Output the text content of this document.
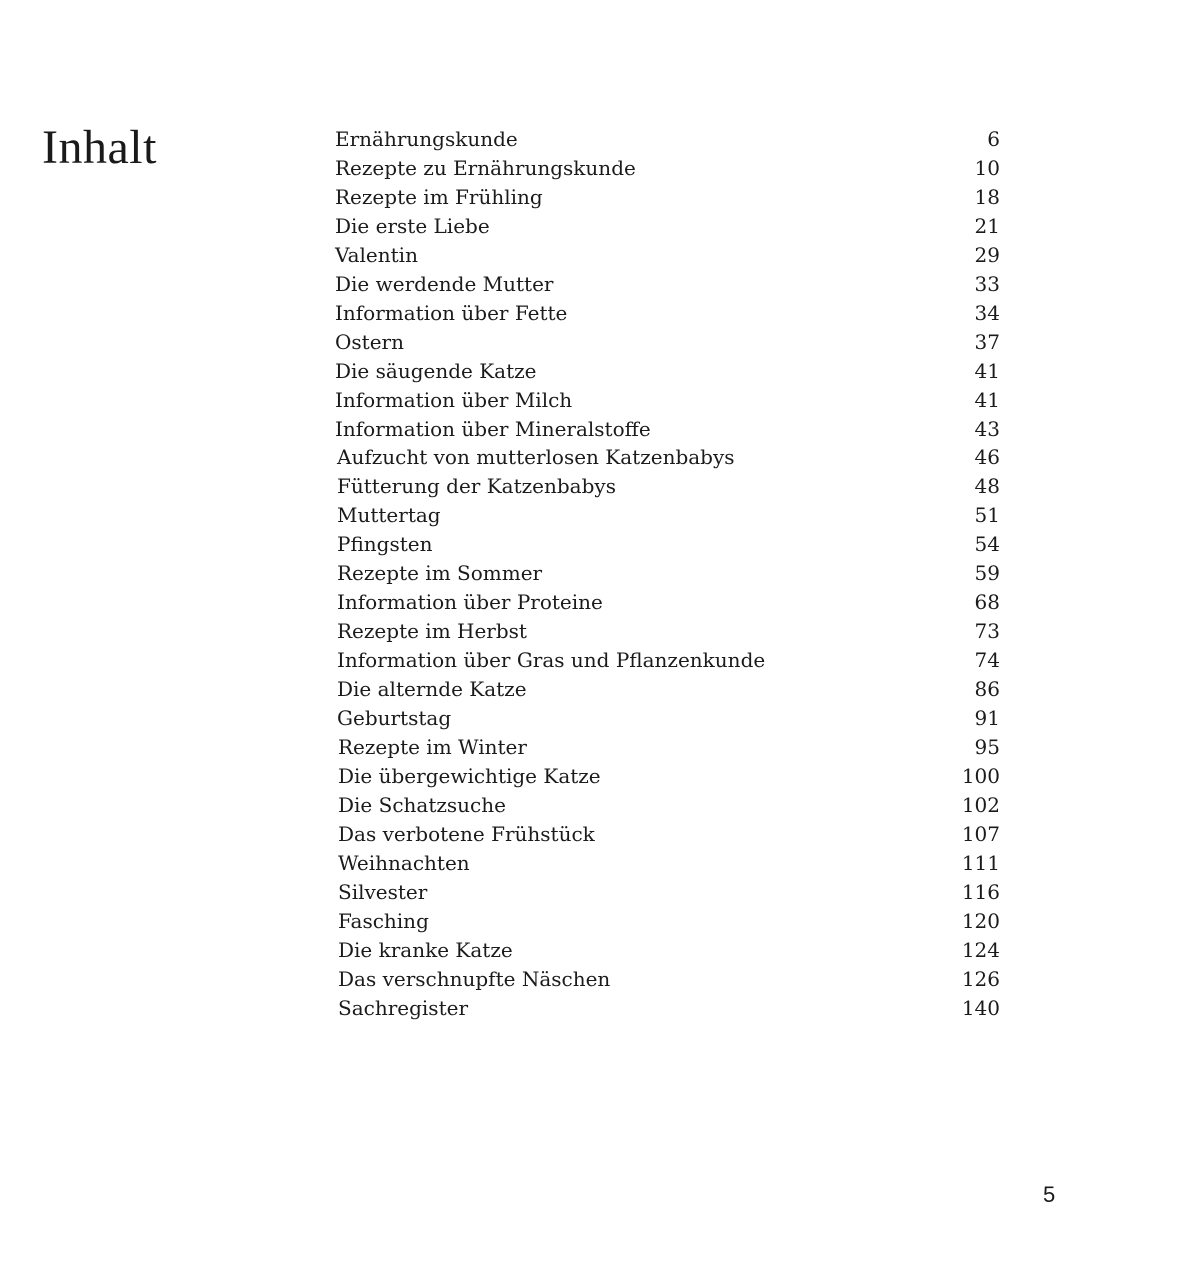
Inhalt	Ernährungskunde	6
Rezepte zu Ernährungskunde	10
Rezepte im Frühling	18
Die erste Liebe	21
Valentin	29
Die werdende Mutter	33
Information über Fette	34
Ostern	37
Die säugende Katze	41
Information über Milch	41
Information über Mineralstoffe	43
Aufzucht von mutterlosen Katzenbabys	46
Fütterung der Katzenbabys	48
Muttertag	51
Pfingsten	54
Rezepte im Sommer	59
Information über Proteine	68
Rezepte im Herbst	73
Information über Gras und Pflanzenkunde	74
Die alternde Katze	86
Geburtstag	91
Rezepte im Winter	95
Die übergewichtige Katze	100
Die Schatzsuche	102
Das verbotene Frühstück	107
Weihnachten	111
Silvester	116
Fasching	120
Die kranke Katze	124
Das verschnupfte Näschen	126
Sachregister	140
5
